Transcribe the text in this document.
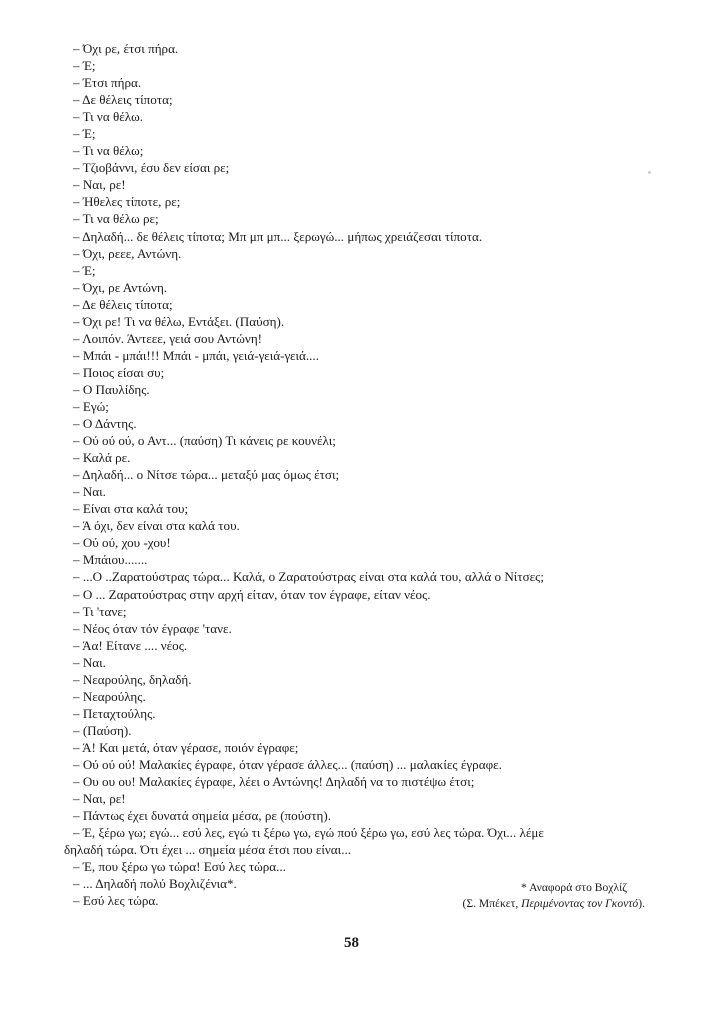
– Όχι ρε, έτσι πήρα.
– Έ;
– Έτσι πήρα.
– Δε θέλεις τίποτα;
– Τι να θέλω.
– Έ;
– Τι να θέλω;
– Τζιοβάννι, έσυ δεν είσαι ρε;
– Ναι, ρε!
– Ήθελες τίποτε, ρε;
– Τι να θέλω ρε;
– Δηλαδή... δε θέλεις τίποτα; Μπ μπ μπ... ξερωγώ... μήπως χρειάζεσαι τίποτα.
– Όχι, ρεεε, Αντώνη.
– Έ;
– Όχι, ρε Αντώνη.
– Δε θέλεις τίποτα;
– Όχι ρε! Τι να θέλω, Εντάξει. (Παύση).
– Λοιπόν. Άντεεε, γειά σου Αντώνη!
– Μπάι - μπάι!!! Μπάι - μπάι, γειά-γειά-γειά....
– Ποιος είσαι συ;
– Ο Παυλίδης.
– Εγώ;
– Ο Δάντης.
– Ού ού ού, ο Αντ... (παύση) Τι κάνεις ρε κουνέλι;
– Καλά ρε.
– Δηλαδή... ο Νίτσε τώρα... μεταξύ μας όμως έτσι;
– Ναι.
– Είναι στα καλά του;
– Ά όχι, δεν είναι στα καλά του.
– Ού ού, χου -χου!
– Μπάιου.......
– ...Ο ..Ζαρατούστρας τώρα... Καλά, ο Ζαρατούστρας είναι στα καλά του, αλλά ο Νίτσες;
– Ο ... Ζαρατούστρας στην αρχή είταν, όταν τον έγραφε, είταν νέος.
– Τι 'τανε;
– Νέος όταν τόν έγραφε 'τανε.
– Άα! Είτανε .... νέος.
– Ναι.
– Νεαρούλης, δηλαδή.
– Νεαρούλης.
– Πεταχτούλης.
– (Παύση).
– Ά! Και μετά, όταν γέρασε, ποιόν έγραφε;
– Ού ού ού! Μαλακίες έγραφε, όταν γέρασε άλλες... (παύση) ... μαλακίες έγραφε.
– Ου ου ου! Μαλακίες έγραφε, λέει ο Αντώνης! Δηλαδή να το πιστέψω έτσι;
– Ναι, ρε!
– Πάντως έχει δυνατά σημεία μέσα, ρε (πούστη).
– Έ, ξέρω γω; εγώ... εσύ λες, εγώ τι ξέρω γω, εγώ πού ξέρω γω, εσύ λες τώρα. Όχι... λέμε
δηλαδή τώρα. Ότι έχει ... σημεία μέσα έτσι που είναι...
– Έ, που ξέρω γω τώρα! Εσύ λες τώρα...
– ... Δηλαδή πολύ Βοχλιζένια*.
– Εσύ λες τώρα.
* Αναφορά στο Βοχλίζ
(Σ. Μπέκετ, Περιμένοντας τον Γκοντό).
58
